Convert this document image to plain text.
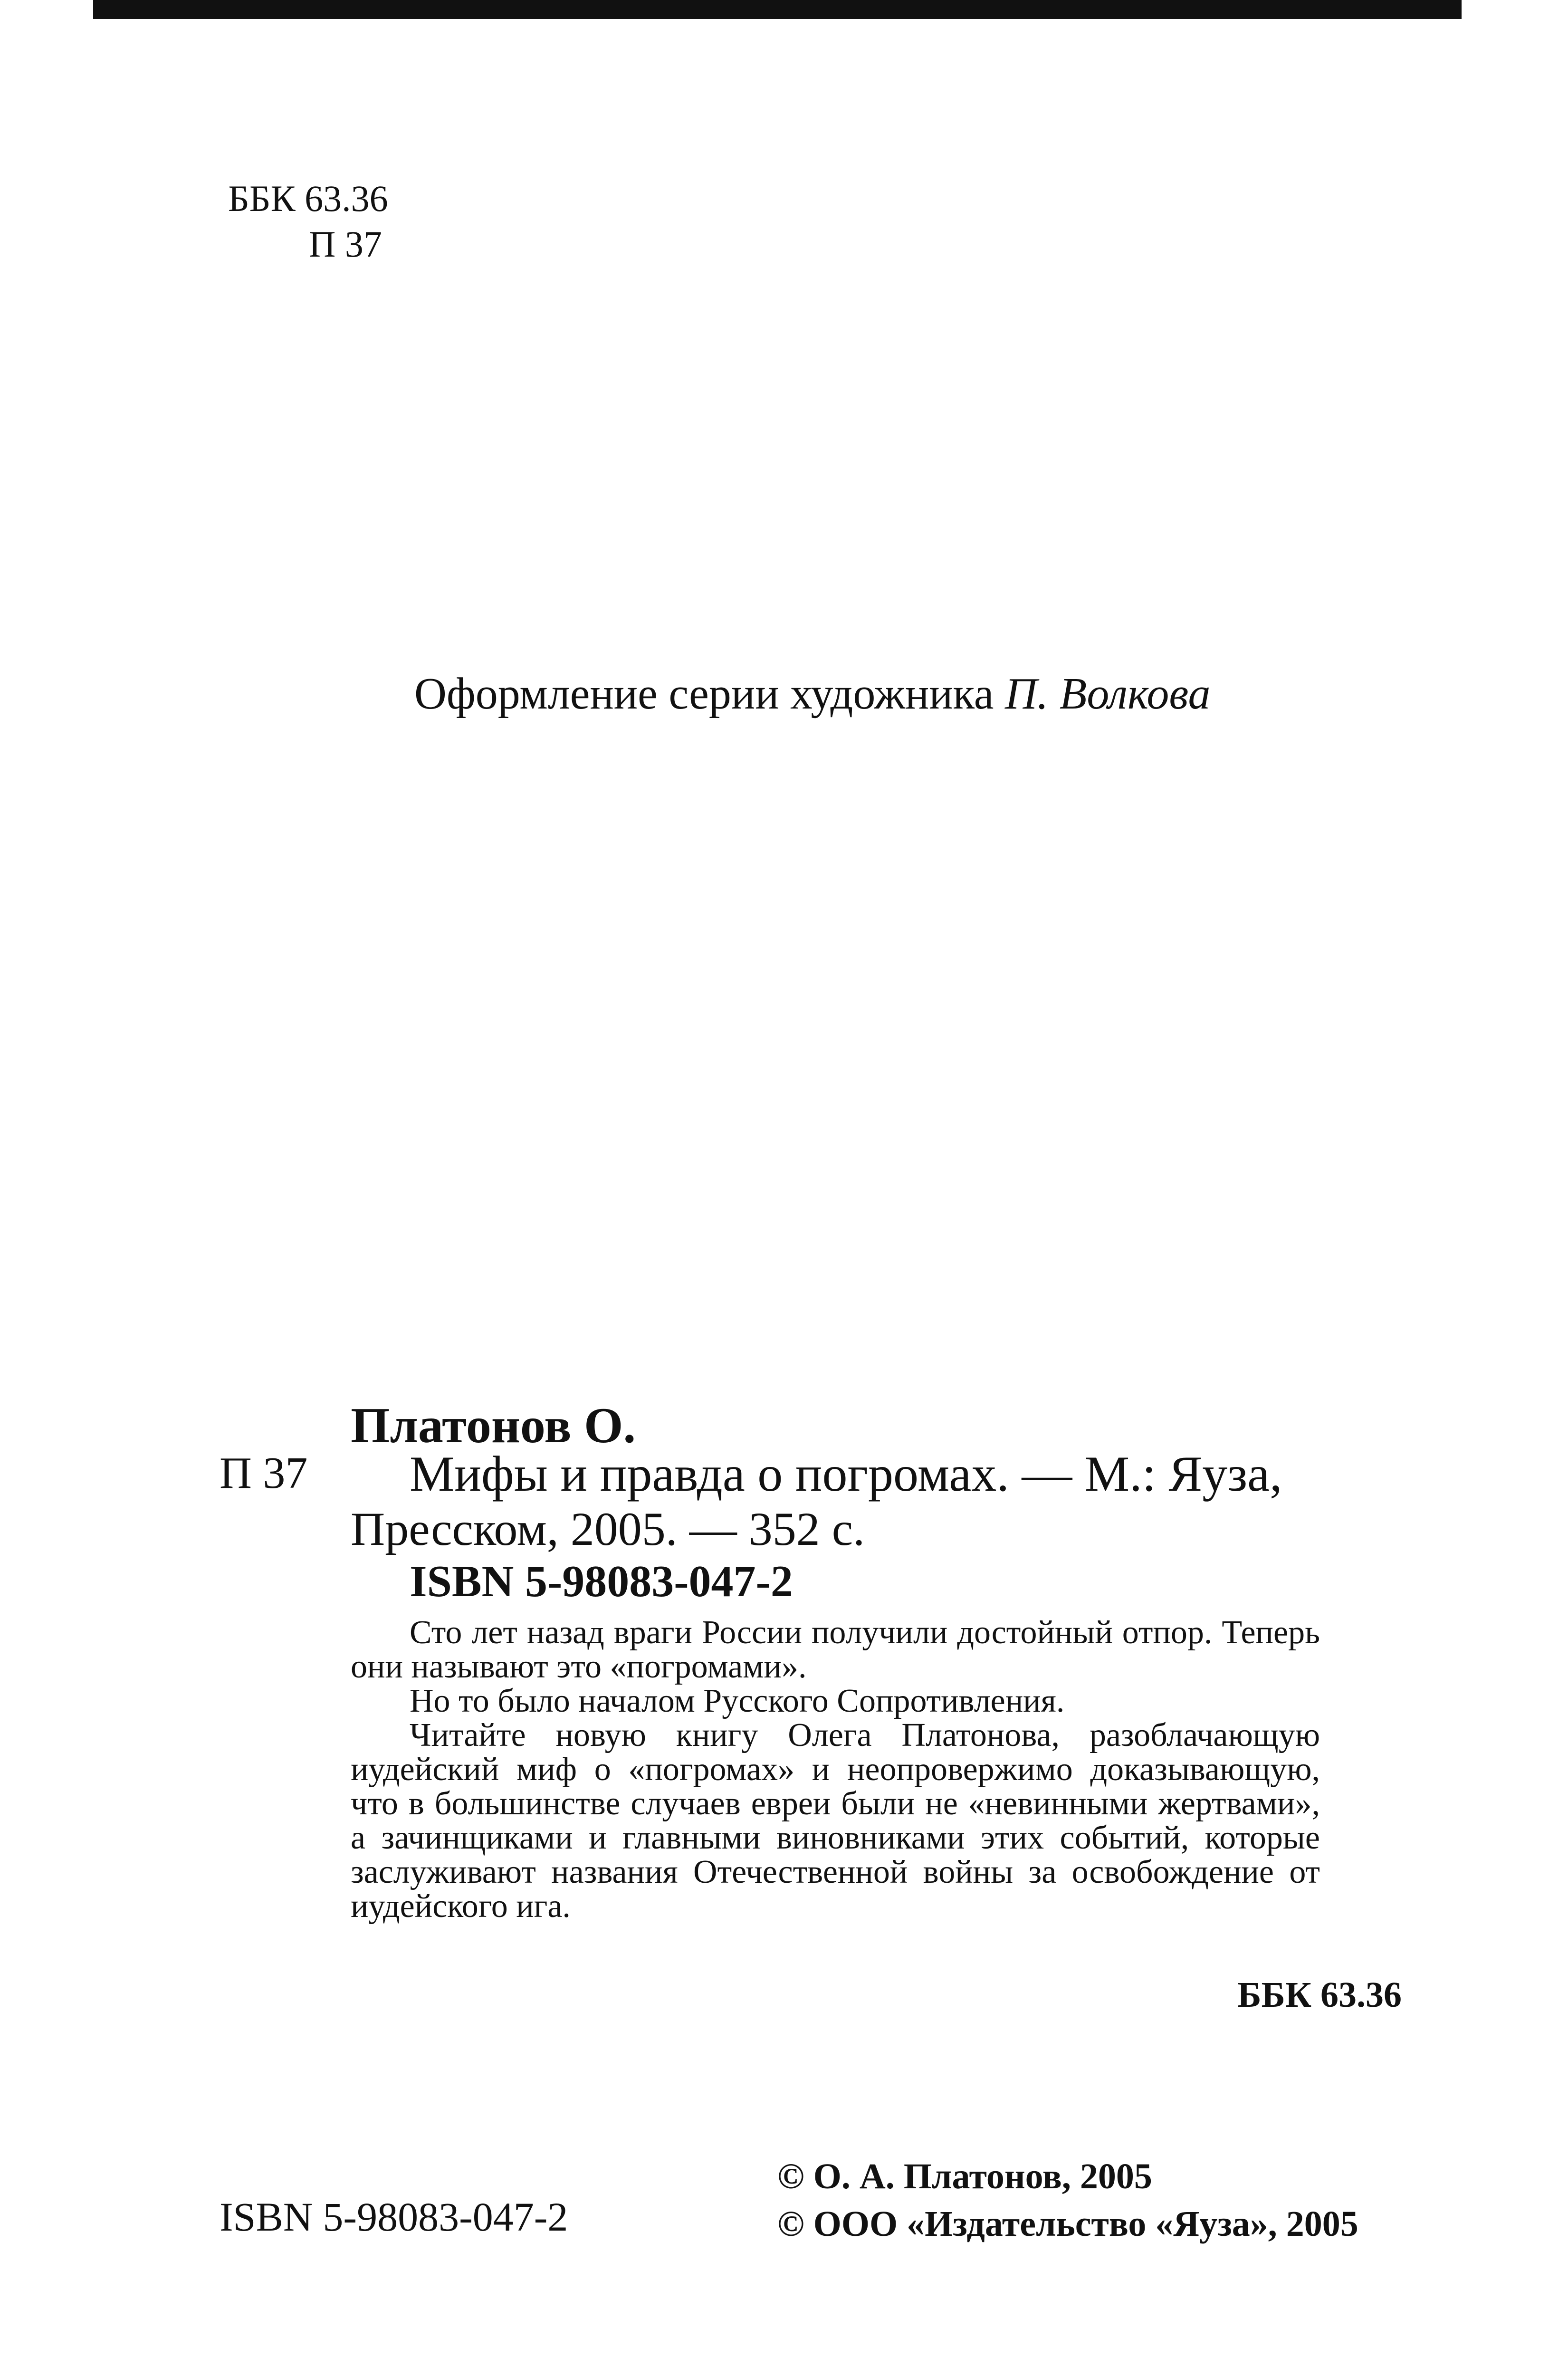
ББК 63.36
П 37
Оформление серии художника П. Волкова
Платонов О.
П 37 Мифы и правда о погромах. — М.: Яуза,
Пресском, 2005. — 352 с.
ISBN 5-98083-047-2

Сто лет назад враги России получили достойный отпор. Теперь они называют это «погромами».

Но то было началом Русского Сопротивления.

Читайте новую книгу Олега Платонова, разоблачающую иудейский миф о «погромах» и неопровержимо доказывающую, что в большинстве случаев евреи были не «невинными жертвами», а зачинщиками и главными виновниками этих событий, которые заслуживают названия Отечественной войны за освобождение от иудейского ига.

ББК 63.36
ISBN 5-98083-047-2
© О. А. Платонов, 2005
© ООО «Издательство «Яуза», 2005
